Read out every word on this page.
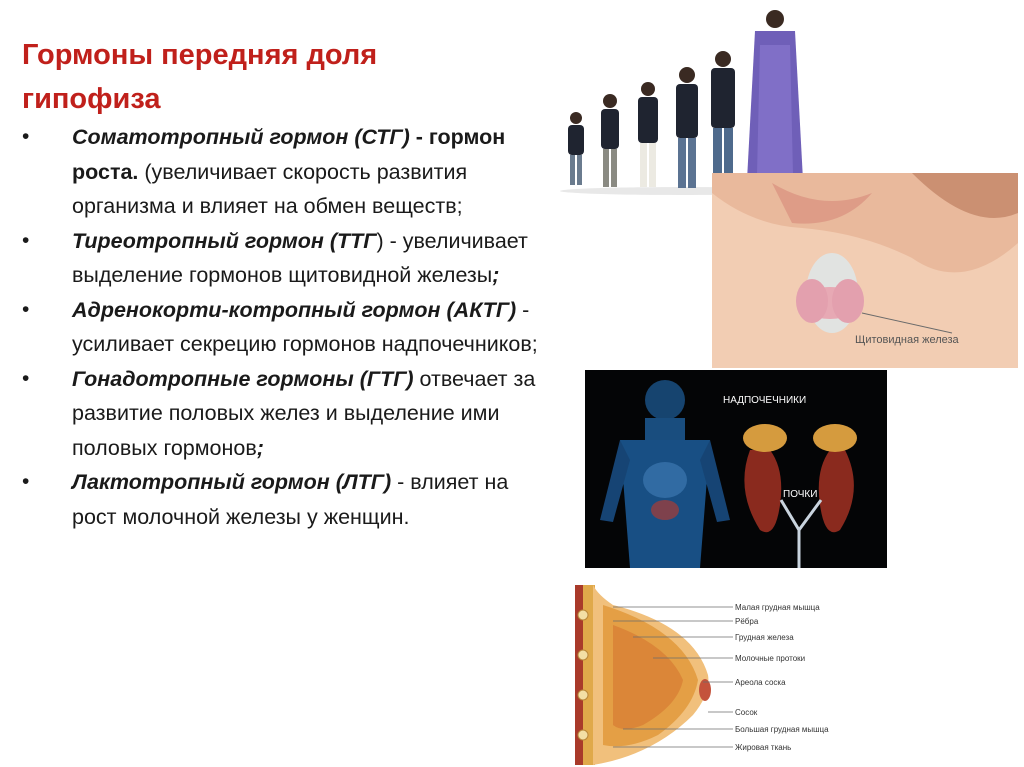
Гормоны передняя доля гипофиза
•	Соматотропный гормон (СТГ) - гормон роста. (увеличивает скорость развития организма и влияет на обмен веществ;
•	Тиреотропный гормон (ТТГ) - увеличивает выделение гормонов щитовидной железы;
•	Адренокорти-котропный гормон (АКТГ) - усиливает секрецию гормонов надпочечников;
•	Гонадотропные гормоны (ГТГ) отвечает за развитие половых желез и выделение ими половых гормонов;
•	Лактотропный гормон (ЛТГ) - влияет на рост молочной железы у женщин.
Щитовидная железа
НАДПОЧЕЧНИКИ
ПОЧКИ
Малая грудная мышца
Рёбра
Грудная железа
Молочные протоки
Ареола соска
Сосок
Большая грудная мышца
Жировая ткань
